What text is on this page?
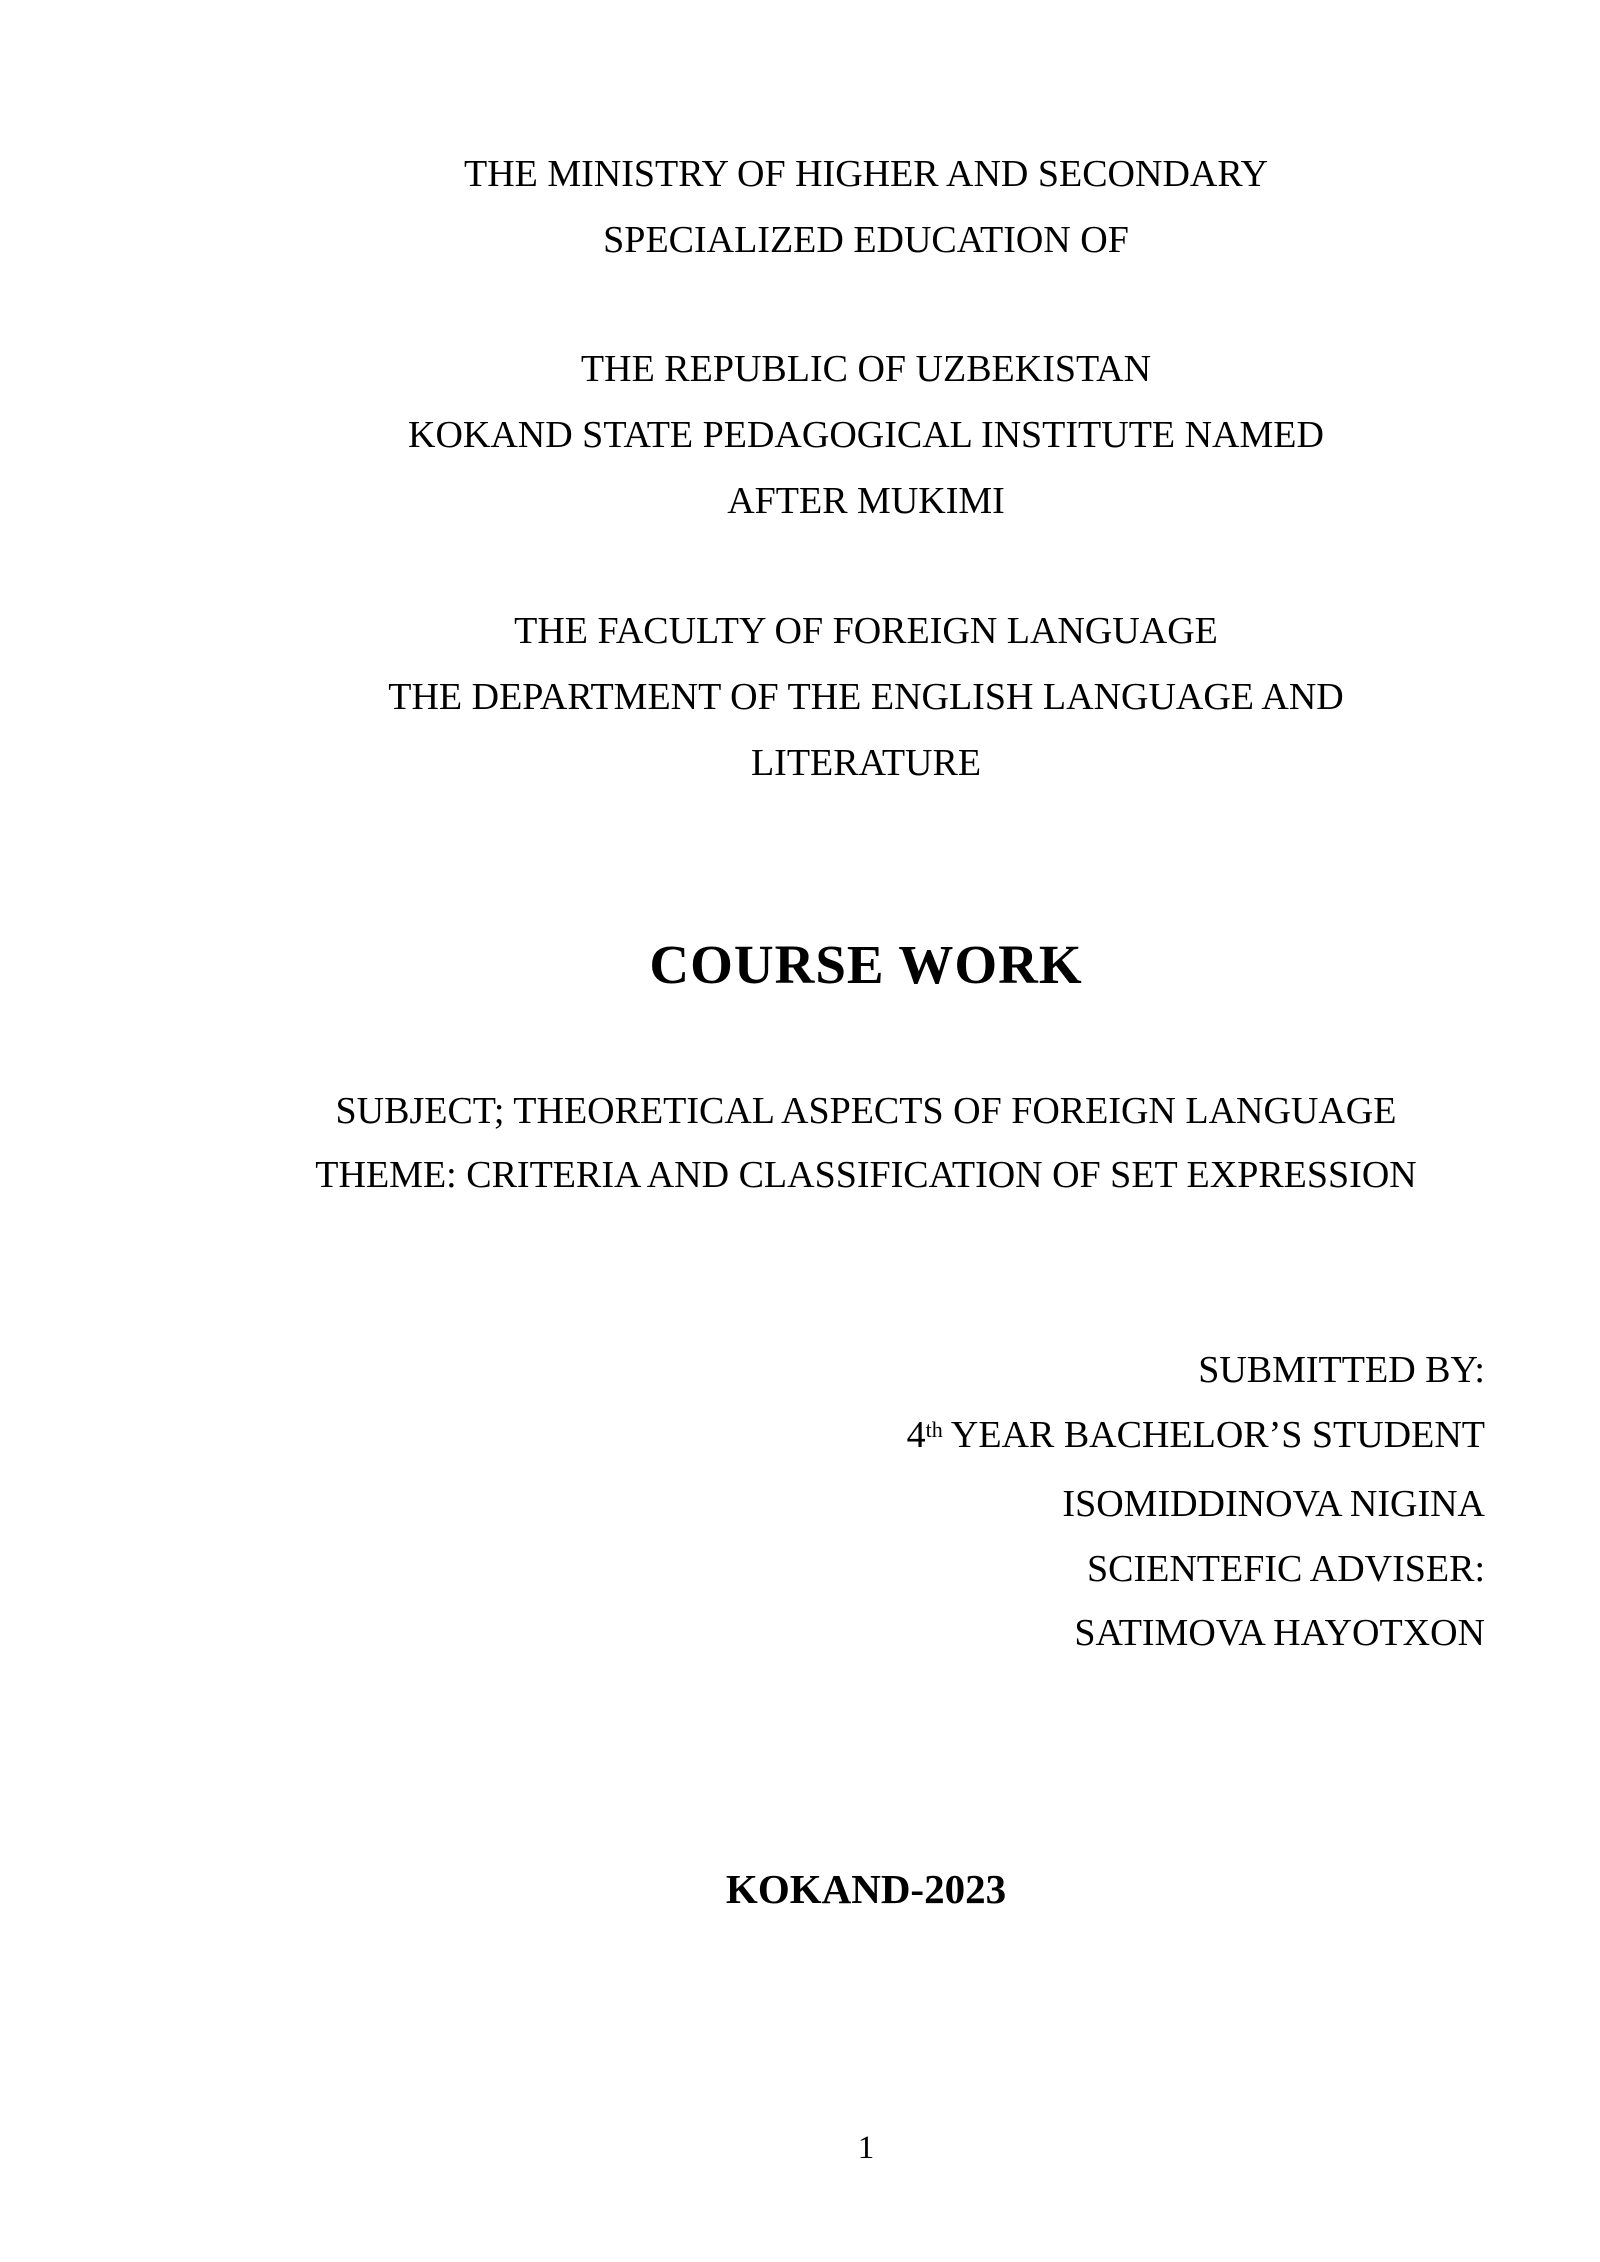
THE MINISTRY OF HIGHER AND SECONDARY
SPECIALIZED EDUCATION OF
THE REPUBLIC OF UZBEKISTAN
KOKAND STATE PEDAGOGICAL INSTITUTE NAMED
AFTER MUKIMI
THE FACULTY OF FOREIGN LANGUAGE
THE DEPARTMENT OF THE ENGLISH LANGUAGE AND
LITERATURE
COURSE WORK
SUBJECT; THEORETICAL ASPECTS OF FOREIGN LANGUAGE
THEME: CRITERIA AND CLASSIFICATION OF SET EXPRESSION
SUBMITTED BY:
4th YEAR BACHELOR’S STUDENT
ISOMIDDINOVA NIGINA
SCIENTEFIC ADVISER:
SATIMOVA HAYOTXON
KOKAND-2023
1
